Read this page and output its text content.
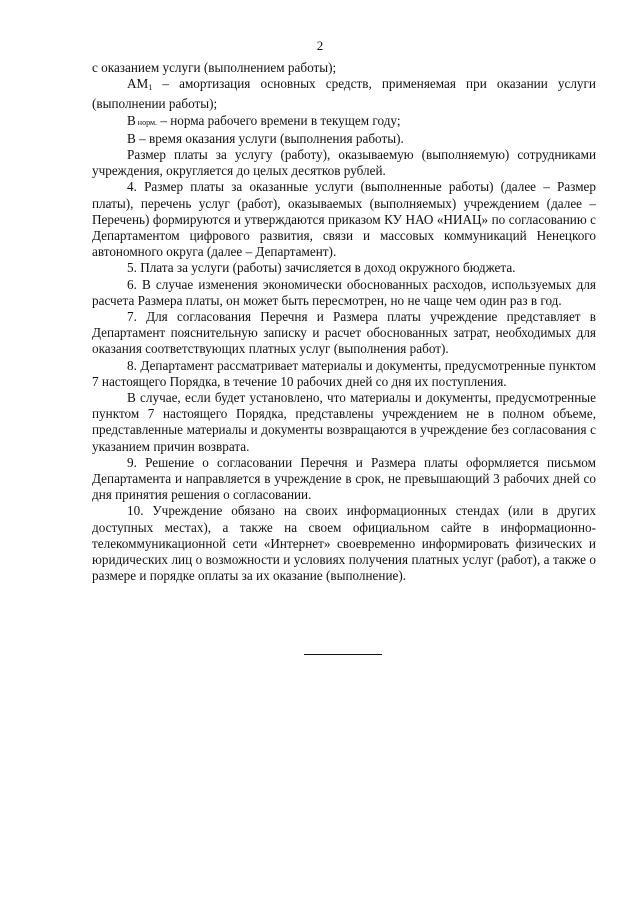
2

с оказанием услуги (выполнением работы);

$АМ_1$ – амортизация основных средств, применяемая при оказании услуги (выполнении работы);

В норм. – норма рабочего времени в текущем году;

В – время оказания услуги (выполнения работы).

Размер платы за услугу (работу), оказываемую (выполняемую) сотрудниками учреждения, округляется до целых десятков рублей.

4. Размер платы за оказанные услуги (выполненные работы) (далее – Размер платы), перечень услуг (работ), оказываемых (выполняемых) учреждением (далее – Перечень) формируются и утверждаются приказом КУ НАО «НИАЦ» по согласованию с Департаментом цифрового развития, связи и массовых коммуникаций Ненецкого автономного округа (далее – Департамент).

5. Плата за услуги (работы) зачисляется в доход окружного бюджета.

6. В случае изменения экономически обоснованных расходов, используемых для расчета Размера платы, он может быть пересмотрен, но не чаще чем один раз в год.

7. Для согласования Перечня и Размера платы учреждение представляет в Департамент пояснительную записку и расчет обоснованных затрат, необходимых для оказания соответствующих платных услуг (выполнения работ).

8. Департамент рассматривает материалы и документы, предусмотренные пунктом 7 настоящего Порядка, в течение 10 рабочих дней со дня их поступления.

В случае, если будет установлено, что материалы и документы, предусмотренные пунктом 7 настоящего Порядка, представлены учреждением не в полном объеме, представленные материалы и документы возвращаются в учреждение без согласования с указанием причин возврата.

9. Решение о согласовании Перечня и Размера платы оформляется письмом Департамента и направляется в учреждение в срок, не превышающий 3 рабочих дней со дня принятия решения о согласовании.

10. Учреждение обязано на своих информационных стендах (или в других доступных местах), а также на своем официальном сайте в информационно-телекоммуникационной сети «Интернет» своевременно информировать физических и юридических лиц о возможности и условиях получения платных услуг (работ), а также о размере и порядке оплаты за их оказание (выполнение).
